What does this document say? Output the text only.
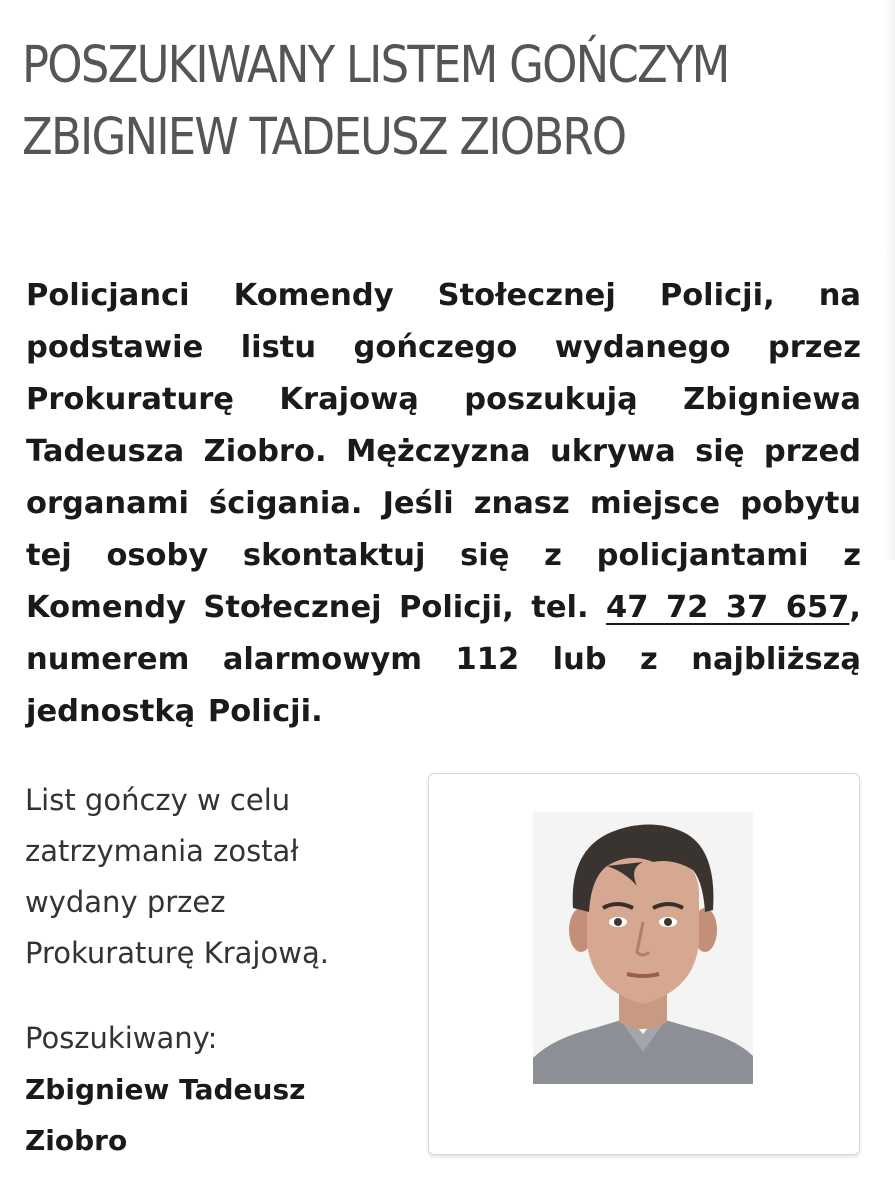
POSZUKIWANY LISTEM GOŃCZYM
ZBIGNIEW TADEUSZ ZIOBRO

Policjanci Komendy Stołecznej Policji, na podstawie listu gończego wydanego przez Prokuraturę Krajową poszukują Zbigniewa Tadeusza Ziobro. Mężczyzna ukrywa się przed organami ścigania. Jeśli znasz miejsce pobytu tej osoby skontaktuj się z policjantami z Komendy Stołecznej Policji, tel. 47 72 37 657, numerem alarmowym 112 lub z najbliższą jednostką Policji.

List gończy w celu

zatrzymania został

wydany przez

Prokuraturę Krajową.

Poszukiwany:
Zbigniew Tadeusz Ziobro
